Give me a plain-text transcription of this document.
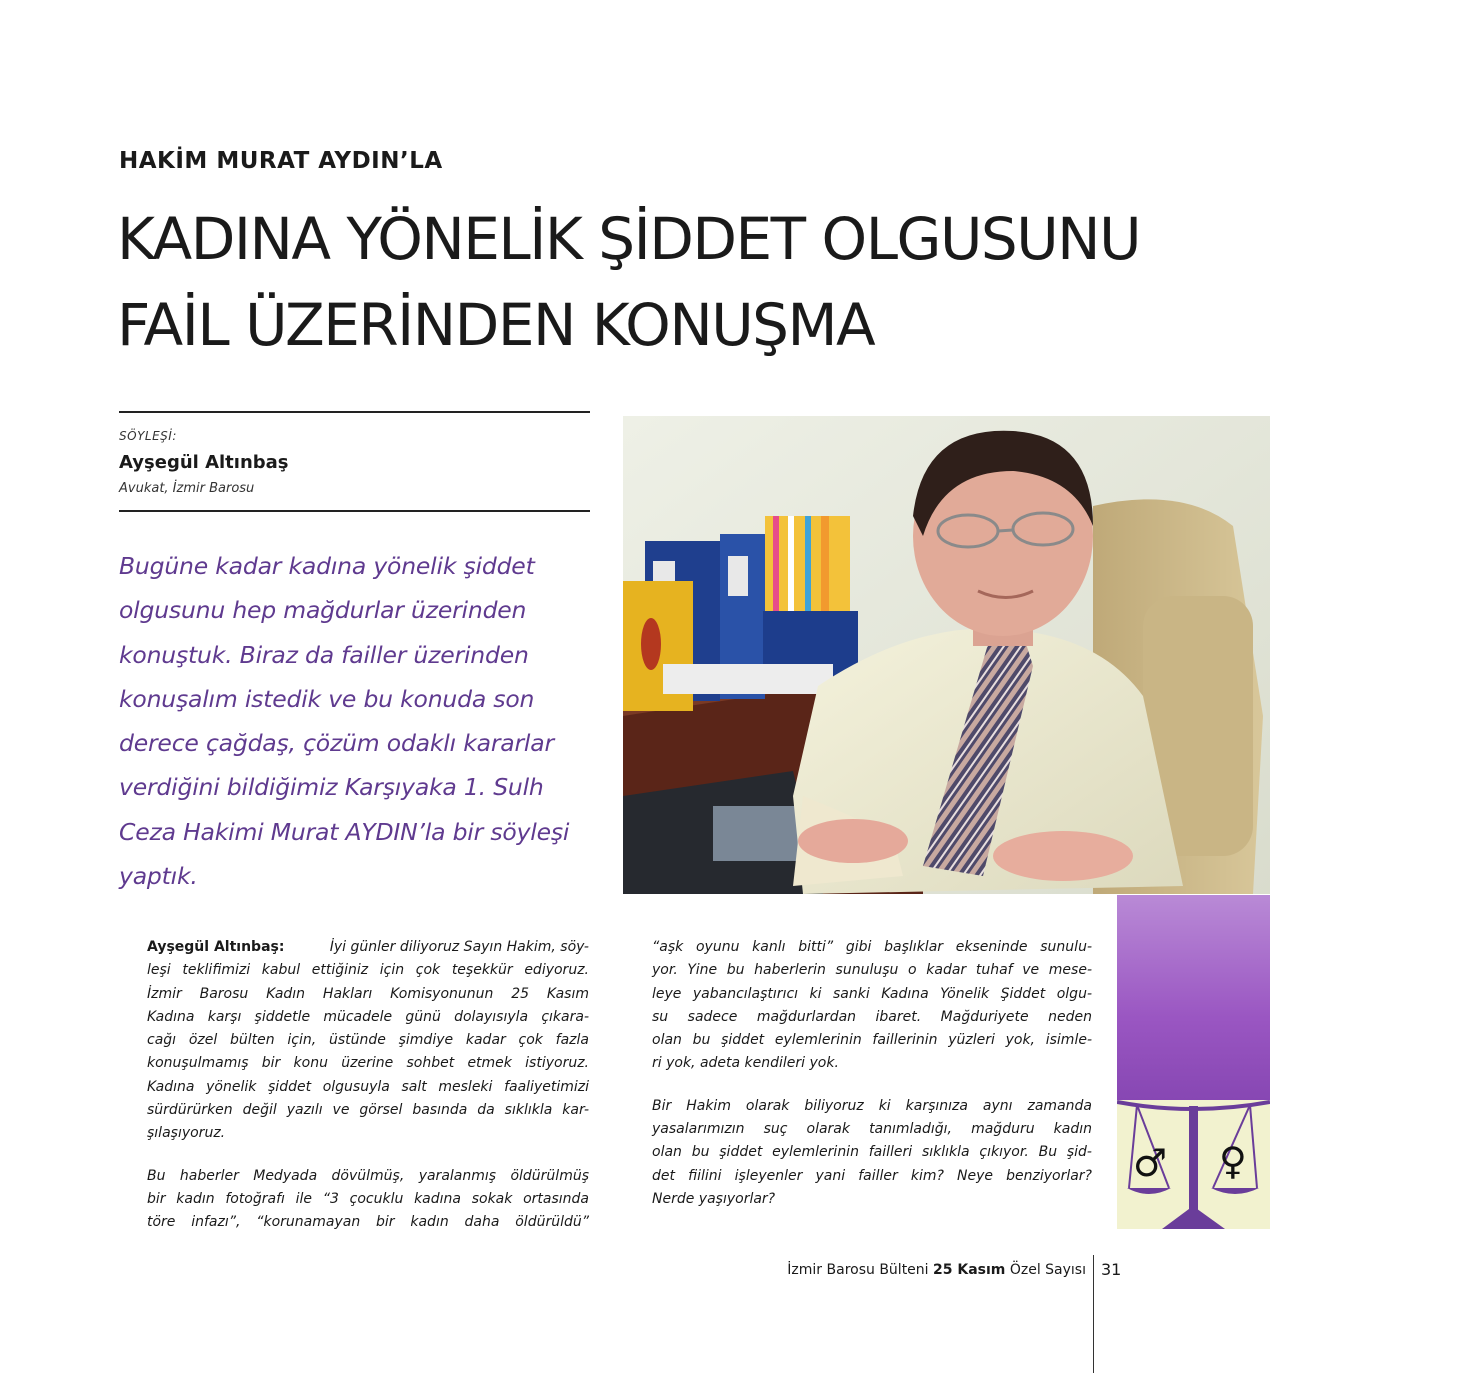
HAKİM MURAT AYDIN’LA
KADINA YÖNELİK ŞİDDET OLGUSUNU
FAİL ÜZERİNDEN KONUŞMA
SÖYLEŞİ:
Ayşegül Altınbaş
Avukat, İzmir Barosu
Bugüne kadar kadına yönelik şiddet
olgusunu hep mağdurlar üzerinden
konuştuk. Biraz da failler üzerinden
konuşalım istedik ve bu konuda son
derece çağdaş, çözüm odaklı kararlar
verdiğini bildiğimiz Karşıyaka 1. Sulh
Ceza Hakimi Murat AYDIN’la bir söyleşi
yaptık.
♂ ♀

Ayşegül Altınbaş:
	İyi günler diliyoruz Sayın Hakim, söy-
leşi teklifimizi kabul ettiğiniz için çok teşekkür ediyoruz.
İzmir Barosu Kadın Hakları Komisyonunun 25 Kasım
Kadına karşı şiddetle mücadele günü dolayısıyla çıkara-
cağı özel bülten için, üstünde şimdiye kadar çok fazla
konuşulmamış bir konu üzerine sohbet etmek istiyoruz.
Kadına yönelik şiddet olgusuyla salt mesleki faaliyetimizi
sürdürürken değil yazılı ve görsel basında da sıklıkla kar-
şılaşıyoruz.

Bu haberler Medyada dövülmüş, yaralanmış öldürülmüş
bir kadın fotoğrafı ile “3 çocuklu kadına sokak ortasında
töre infazı”, “korunamayan bir kadın daha öldürüldü”

“aşk oyunu kanlı bitti” gibi başlıklar ekseninde sunulu-
yor. Yine bu haberlerin sunuluşu o kadar tuhaf ve mese-
leye yabancılaştırıcı ki sanki Kadına Yönelik Şiddet olgu-
su sadece mağdurlardan ibaret. Mağduriyete neden
olan bu şiddet eylemlerinin faillerinin yüzleri yok, isimle-
ri yok, adeta kendileri yok.

Bir Hakim olarak biliyoruz ki karşınıza aynı zamanda
yasalarımızın suç olarak tanımladığı, mağduru kadın
olan bu şiddet eylemlerinin failleri sıklıkla çıkıyor. Bu şid-
det fiilini işleyenler yani failler kim? Neye benziyorlar?
Nerde yaşıyorlar?

İzmir Barosu Bülteni 25 Kasım Özel Sayısı 31
